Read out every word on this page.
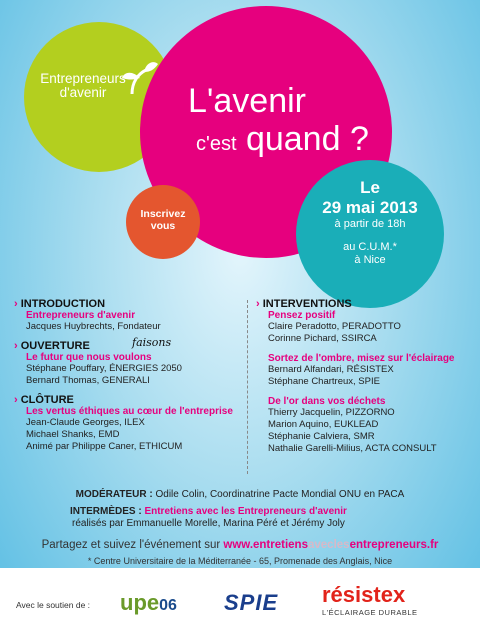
Entrepreneurs
d'avenir	L'avenir
c'est quand ?
Inscrivez
vous
Le
29 mai 2013
à partir de 18h
au C.U.M.*
à Nice
› INTRODUCTION
Entrepreneurs d'avenir
Jacques Huybrechts, Fondateur
› OUVERTURE	faisons
Le futur que nous voulons
Stéphane Pouffary, ÉNERGIES 2050
Bernard Thomas, GENERALI
› CLÔTURE
Les vertus éthiques au cœur de l'entreprise
Jean-Claude Georges, ILEX
Michael Shanks, EMD
Animé par Philippe Caner, ETHICUM
› INTERVENTIONS
Pensez positif
Claire Peradotto, PERADOTTO
Corinne Pichard, SSIRCA
Sortez de l'ombre, misez sur l'éclairage
Bernard Alfandari, RÉSISTEX
Stéphane Chartreux, SPIE
De l'or dans vos déchets
Thierry Jacquelin, PIZZORNO
Marion Aquino, EUKLEAD
Stéphanie Calviera, SMR
Nathalie Garelli-Milius, ACTA CONSULT
MODÉRATEUR : Odile Colin, Coordinatrine Pacte Mondial ONU en PACA
INTERMÈDES : Entretiens avec les Entrepreneurs d'avenir
réalisés par Emmanuelle Morelle, Marina Péré et Jérémy Joly
Partagez et suivez l'événement sur www.entretiensaveclesentrepreneurs.fr
* Centre Universitaire de la Méditerranée - 65, Promenade des Anglais, Nice
Avec le soutien de : upe06 SPIE résistex
L'ÉCLAIRAGE DURABLE
